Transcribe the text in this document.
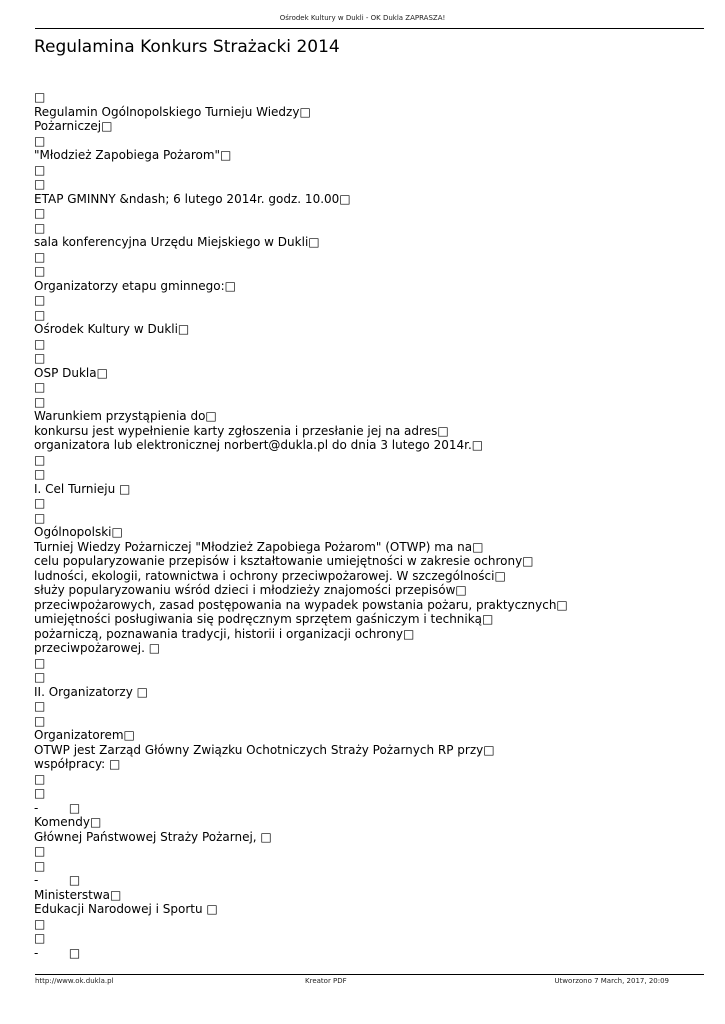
Ośrodek Kultury w Dukli - OK Dukla ZAPRASZA!
Regulamina Konkurs Strażacki 2014
□
Regulamin Ogólnopolskiego Turnieju Wiedzy□
Pożarniczej□
□
"Młodzież Zapobiega Pożarom"□
□
□
ETAP GMINNY &ndash; 6 lutego 2014r. godz. 10.00□
□
□
sala konferencyjna Urzędu Miejskiego w Dukli□
□
□
Organizatorzy etapu gminnego:□
□
□
Ośrodek Kultury w Dukli□
□
□
OSP Dukla□
□
□
Warunkiem przystąpienia do□
konkursu jest wypełnienie karty zgłoszenia i przesłanie jej na adres□
organizatora lub elektronicznej norbert@dukla.pl do dnia 3 lutego 2014r.□
□
□
I. Cel Turnieju □
□
□
Ogólnopolski□
Turniej Wiedzy Pożarniczej "Młodzież Zapobiega Pożarom" (OTWP) ma na□
celu popularyzowanie przepisów i kształtowanie umiejętności w zakresie ochrony□
ludności, ekologii, ratownictwa i ochrony przeciwpożarowej. W szczególności□
służy popularyzowaniu wśród dzieci i młodzieży znajomości przepisów□
przeciwpożarowych, zasad postępowania na wypadek powstania pożaru, praktycznych□
umiejętności posługiwania się podręcznym sprzętem gaśniczym i techniką□
pożarniczą, poznawania tradycji, historii i organizacji ochrony□
przeciwpożarowej. □
□
□
II. Organizatorzy □
□
□
Organizatorem□
OTWP jest Zarząd Główny Związku Ochotniczych Straży Pożarnych RP przy□
współpracy: □
□
□
-        □
Komendy□
Głównej Państwowej Straży Pożarnej, □
□
□
-        □
Ministerstwa□
Edukacji Narodowej i Sportu □
□
□
-        □
http://www.ok.dukla.pl	Kreator PDF	Utworzono 7 March, 2017, 20:09
